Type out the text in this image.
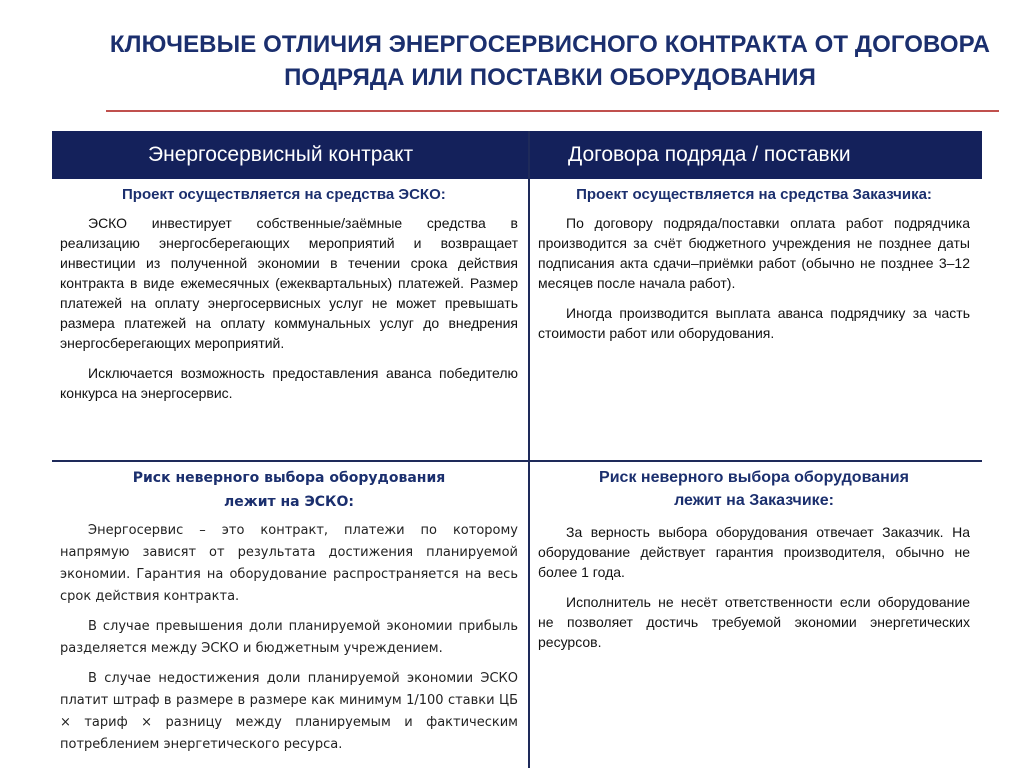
КЛЮЧЕВЫЕ ОТЛИЧИЯ ЭНЕРГОСЕРВИСНОГО КОНТРАКТА ОТ ДОГОВОРА ПОДРЯДА ИЛИ ПОСТАВКИ ОБОРУДОВАНИЯ
Энергосервисный контракт	Договора подряда / поставки

Проект осуществляется на средства ЭСКО:

ЭСКО инвестирует собственные/заёмные средства в реализацию энергосберегающих мероприятий и возвращает инвестиции из полученной экономии в течении срока действия контракта в виде ежемесячных (ежеквартальных) платежей. Размер платежей на оплату энергосервисных услуг не может превышать размера платежей на оплату коммунальных услуг до внедрения энергосберегающих мероприятий.

Исключается возможность предоставления аванса победителю конкурса на энергосервис.

Проект осуществляется на средства Заказчика:

По договору подряда/поставки оплата работ подрядчика производится за счёт бюджетного учреждения не позднее даты подписания акта сдачи–приёмки работ (обычно не позднее 3–12 месяцев после начала работ).

Иногда производится выплата аванса подрядчику за часть стоимости работ или оборудования.

Риск неверного выбора оборудования
лежит на ЭСКО:

Энергосервис – это контракт, платежи по которому напрямую зависят от результата достижения планируемой экономии. Гарантия на оборудование распространяется на весь срок действия контракта.

В случае превышения доли планируемой экономии прибыль разделяется между ЭСКО и бюджетным учреждением.

В случае недостижения доли планируемой экономии ЭСКО платит штраф в размере в размере как минимум 1/100 ставки ЦБ × тариф × разницу между планируемым и фактическим потреблением энергетического ресурса.

Риск неверного выбора оборудования
лежит на Заказчике:

За верность выбора оборудования отвечает Заказчик. На оборудование действует гарантия производителя, обычно не более 1 года.

Исполнитель не несёт ответственности если оборудование не позволяет достичь требуемой экономии энергетических ресурсов.
